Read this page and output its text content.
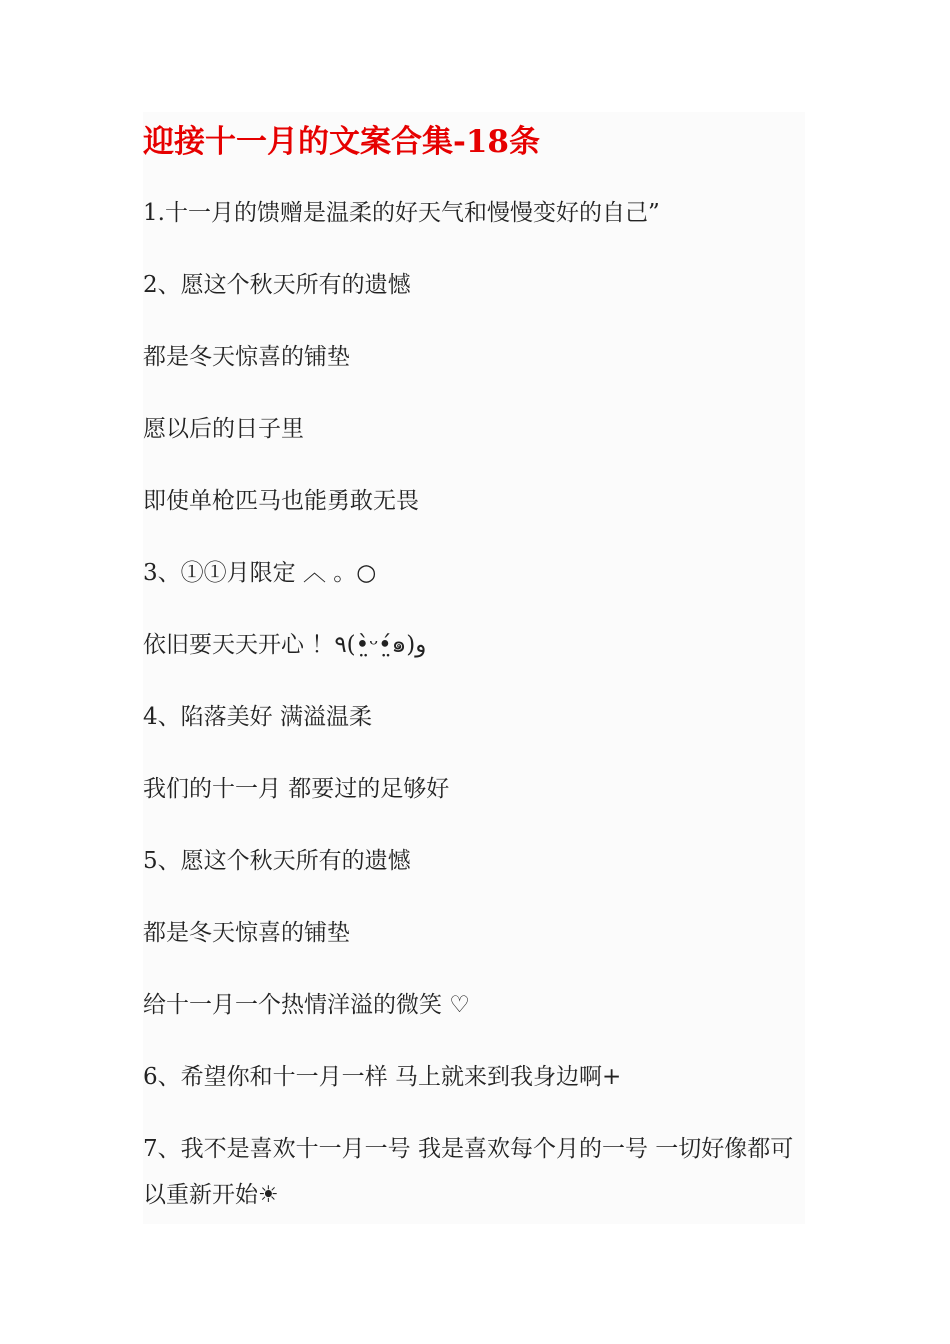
迎接十一月的文案合集-18条

1.十一月的馈赠是温柔的好天气和慢慢变好的自己”

2、愿这个秋天所有的遗憾

都是冬天惊喜的铺垫

愿以后的日子里

即使单枪匹马也能勇敢无畏

3、①①月限定 ︿ 。○

依旧要天天开心 ！٩(•̤̀ᵕ•̤́๑)و

4、陷落美好 满溢温柔

我们的十一月 都要过的足够好

5、愿这个秋天所有的遗憾

都是冬天惊喜的铺垫

给十一月一个热情洋溢的微笑 ♡

6、希望你和十一月一样 马上就来到我身边啊+

7、我不是喜欢十一月一号 我是喜欢每个月的一号 一切好像都可以重新开始☀
